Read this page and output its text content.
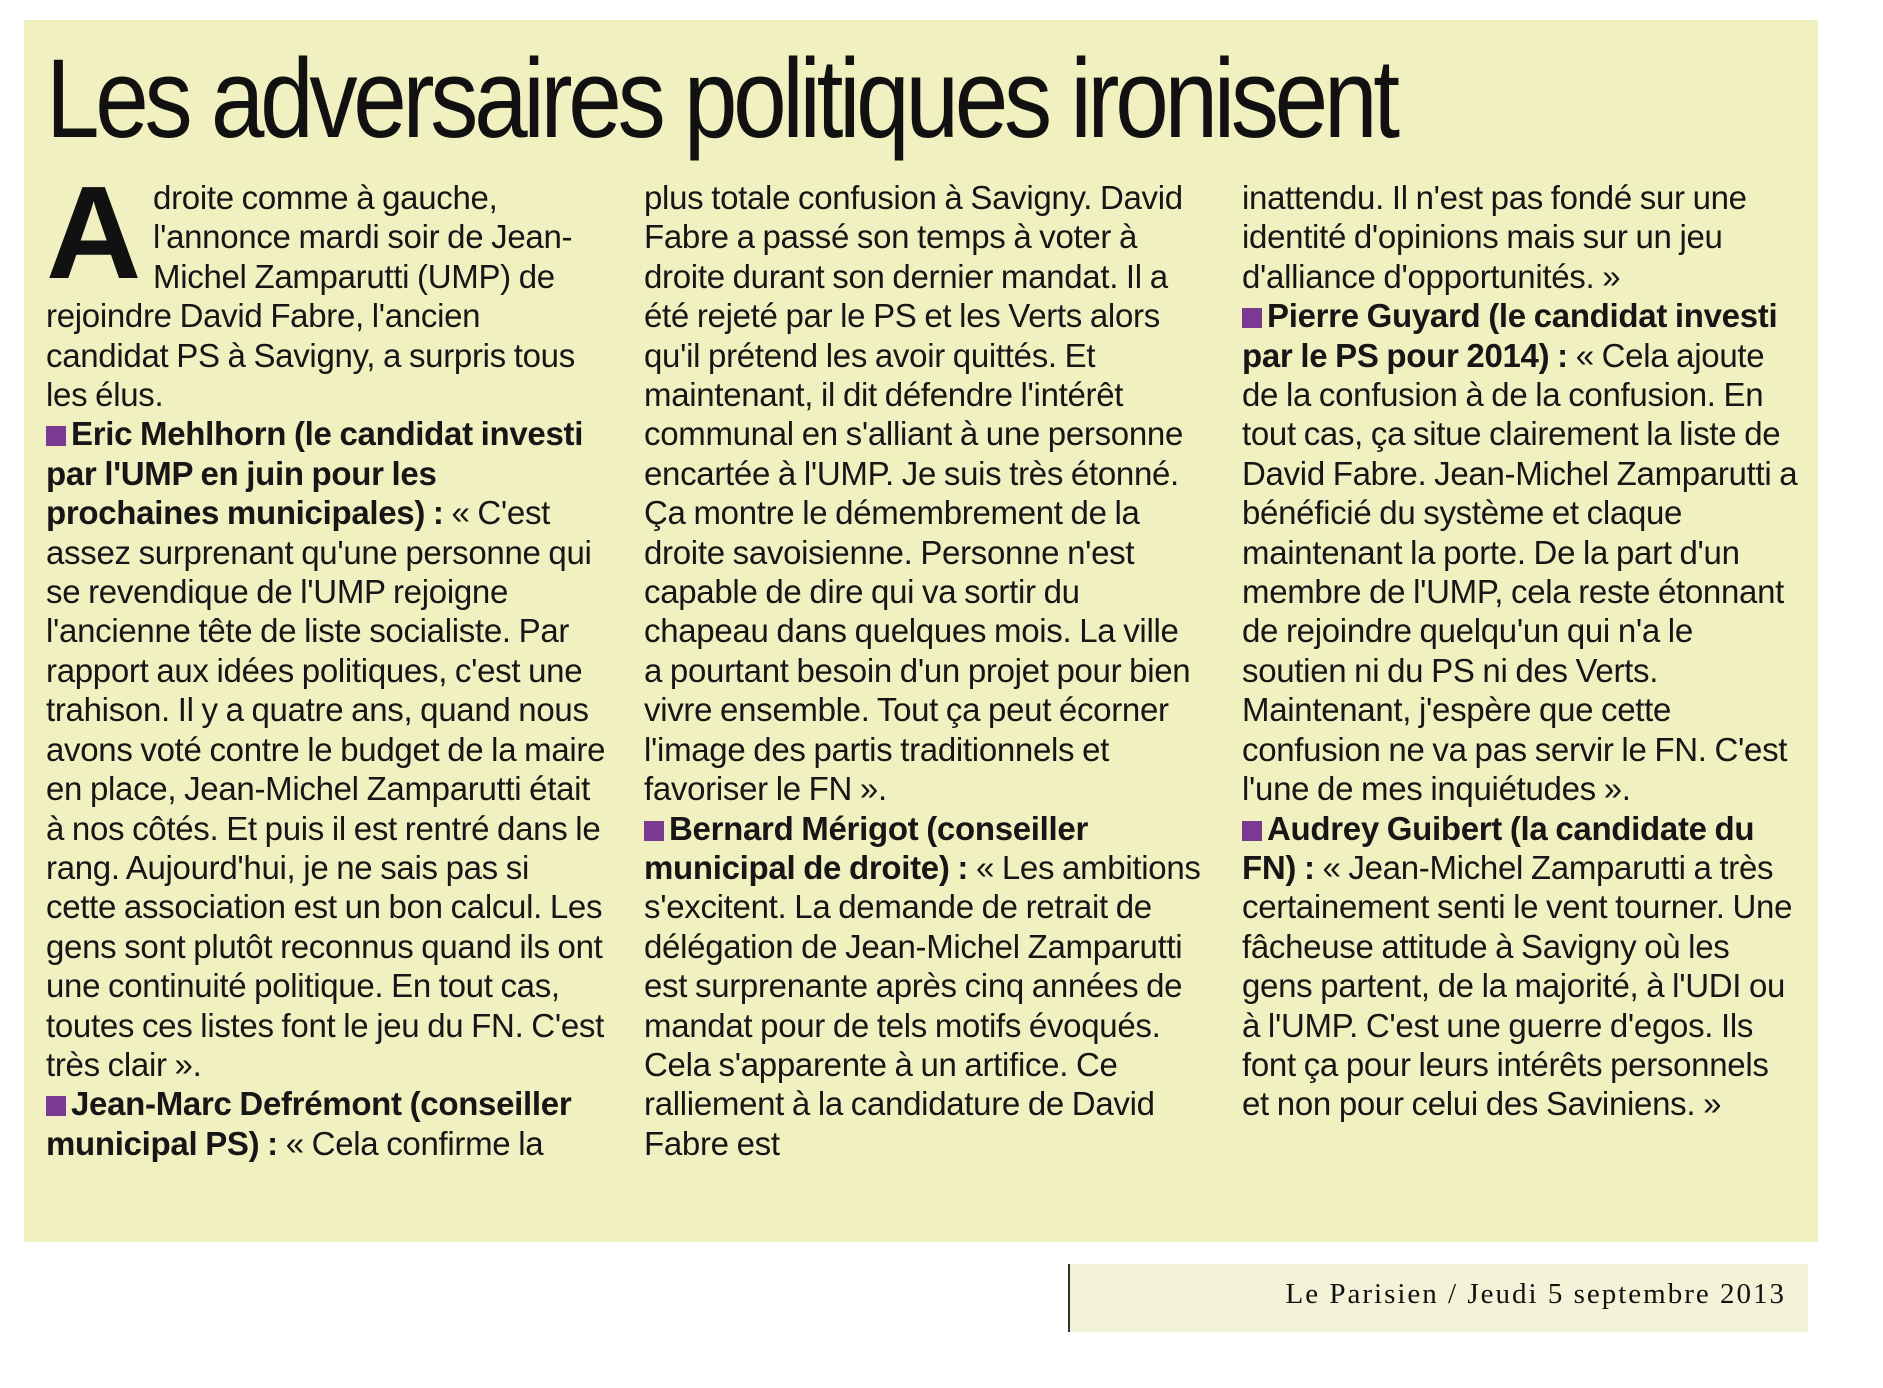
Les adversaires politiques ironisent

Adroite comme à gauche, l'annonce mardi soir de Jean-Michel Zamparutti (UMP) de rejoindre David Fabre, l'ancien candidat PS à Savigny, a surpris tous les élus.

Eric Mehlhorn (le candidat investi par l'UMP en juin pour les prochaines municipales) : « C'est assez surprenant qu'une personne qui se revendique de l'UMP rejoigne l'ancienne tête de liste socialiste. Par rapport aux idées politiques, c'est une trahison. Il y a quatre ans, quand nous avons voté contre le budget de la maire en place, Jean-Michel Zamparutti était à nos côtés. Et puis il est rentré dans le rang. Aujourd'hui, je ne sais pas si cette association est un bon calcul. Les gens sont plutôt reconnus quand ils ont une continuité politique. En tout cas, toutes ces listes font le jeu du FN. C'est très clair ».

Jean-Marc Defrémont (conseiller municipal PS) : « Cela confirme la

plus totale confusion à Savigny. David Fabre a passé son temps à voter à droite durant son dernier mandat. Il a été rejeté par le PS et les Verts alors qu'il prétend les avoir quittés. Et maintenant, il dit défendre l'intérêt communal en s'alliant à une personne encartée à l'UMP. Je suis très étonné. Ça montre le démembrement de la droite savoisienne. Personne n'est capable de dire qui va sortir du chapeau dans quelques mois. La ville a pourtant besoin d'un projet pour bien vivre ensemble. Tout ça peut écorner l'image des partis traditionnels et favoriser le FN ».

Bernard Mérigot (conseiller municipal de droite) : « Les ambitions s'excitent. La demande de retrait de délégation de Jean-Michel Zamparutti est surprenante après cinq années de mandat pour de tels motifs évoqués. Cela s'apparente à un artifice. Ce ralliement à la candidature de David Fabre est

inattendu. Il n'est pas fondé sur une identité d'opinions mais sur un jeu d'alliance d'opportunités. »

Pierre Guyard (le candidat investi par le PS pour 2014) : « Cela ajoute de la confusion à de la confusion. En tout cas, ça situe clairement la liste de David Fabre. Jean-Michel Zamparutti a bénéficié du système et claque maintenant la porte. De la part d'un membre de l'UMP, cela reste étonnant de rejoindre quelqu'un qui n'a le soutien ni du PS ni des Verts. Maintenant, j'espère que cette confusion ne va pas servir le FN. C'est l'une de mes inquiétudes ».

Audrey Guibert (la candidate du FN) : « Jean-Michel Zamparutti a très certainement senti le vent tourner. Une fâcheuse attitude à Savigny où les gens partent, de la majorité, à l'UDI ou à l'UMP. C'est une guerre d'egos. Ils font ça pour leurs intérêts personnels et non pour celui des Saviniens. »

Le Parisien / Jeudi 5 septembre 2013
